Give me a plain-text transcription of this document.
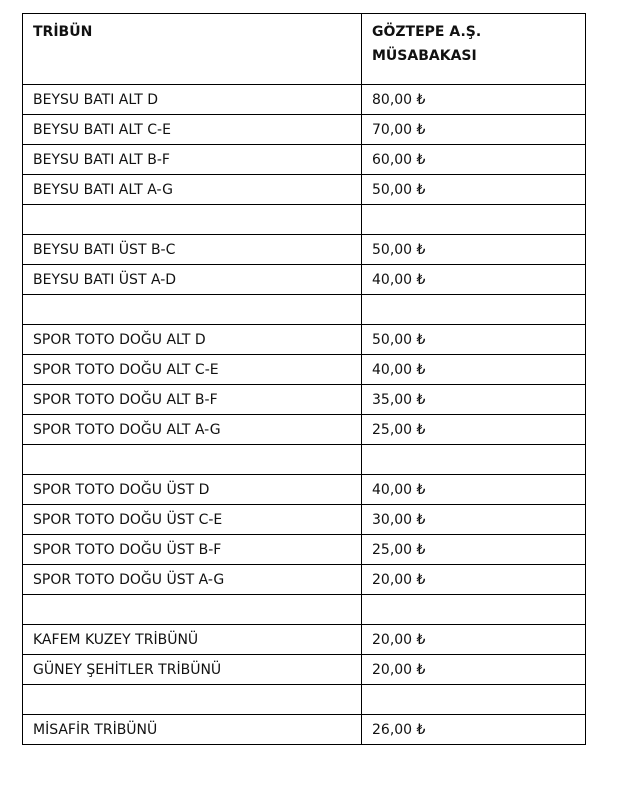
TRİBÜN	GÖZTEPE A.Ş.
MÜSABAKASI

BEYSU BATI ALT D	80,00 ₺
BEYSU BATI ALT C-E	70,00 ₺
BEYSU BATI ALT B-F	60,00 ₺
BEYSU BATI ALT A-G	50,00 ₺

BEYSU BATI ÜST B-C	50,00 ₺
BEYSU BATI ÜST A-D	40,00 ₺

SPOR TOTO DOĞU ALT D	50,00 ₺
SPOR TOTO DOĞU ALT C-E	40,00 ₺
SPOR TOTO DOĞU ALT B-F	35,00 ₺
SPOR TOTO DOĞU ALT A-G	25,00 ₺

SPOR TOTO DOĞU ÜST D	40,00 ₺
SPOR TOTO DOĞU ÜST C-E	30,00 ₺
SPOR TOTO DOĞU ÜST B-F	25,00 ₺
SPOR TOTO DOĞU ÜST A-G	20,00 ₺

KAFEM KUZEY TRİBÜNÜ	20,00 ₺
GÜNEY ŞEHİTLER TRİBÜNÜ	20,00 ₺

MİSAFİR TRİBÜNÜ	26,00 ₺
